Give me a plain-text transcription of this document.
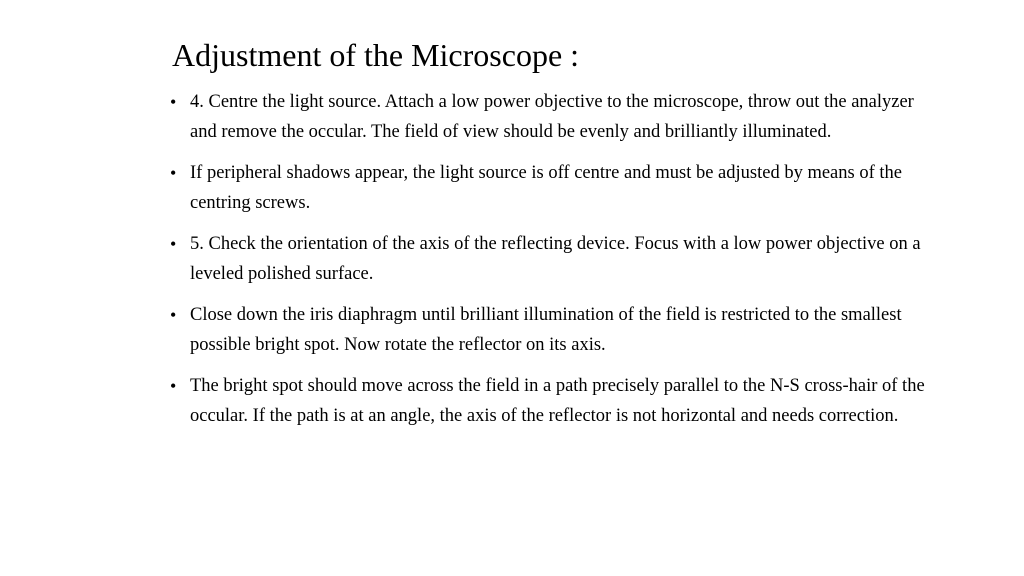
Adjustment of the Microscope :
• 4. Centre the light source. Attach a low power objective to the microscope, throw out the analyzer and remove the occular. The field of view should be evenly and brilliantly illuminated.
• If peripheral shadows appear, the light source is off centre and must be adjusted by means of the centring screws.
• 5. Check the orientation of the axis of the reflecting device. Focus with a low power objective on a leveled polished surface.
• Close down the iris diaphragm until brilliant illumination of the field is restricted to the smallest possible bright spot. Now rotate the reflector on its axis.
• The bright spot should move across the field in a path precisely parallel to the N-S cross-hair of the occular. If the path is at an angle, the axis of the reflector is not horizontal and needs correction.
